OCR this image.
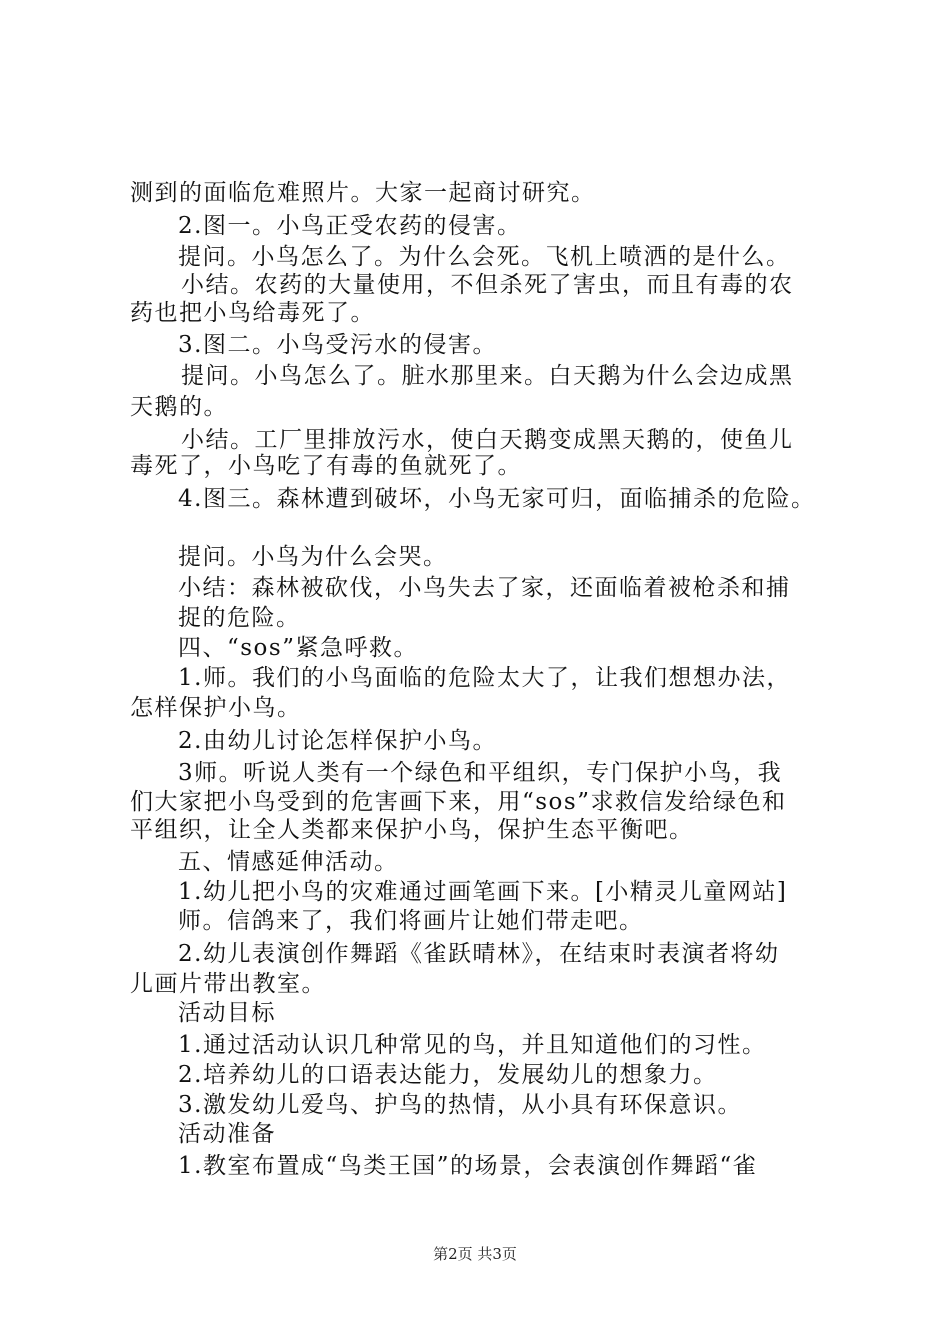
测到的面临危难照片。大家一起商讨研究。
2.图一。小鸟正受农药的侵害。
提问。小鸟怎么了。为什么会死。飞机上喷洒的是什么。
小结。农药的大量使用，不但杀死了害虫，而且有毒的农
药也把小鸟给毒死了。
3.图二。小鸟受污水的侵害。
提问。小鸟怎么了。脏水那里来。白天鹅为什么会边成黑
天鹅的。
小结。工厂里排放污水，使白天鹅变成黑天鹅的，使鱼儿
毒死了，小鸟吃了有毒的鱼就死了。
4.图三。森林遭到破坏，小鸟无家可归，面临捕杀的危险。
提问。小鸟为什么会哭。
小结：森林被砍伐，小鸟失去了家，还面临着被枪杀和捕
捉的危险。
四、“sos”紧急呼救。
1.师。我们的小鸟面临的危险太大了，让我们想想办法，
怎样保护小鸟。
2.由幼儿讨论怎样保护小鸟。
3师。听说人类有一个绿色和平组织，专门保护小鸟，我
们大家把小鸟受到的危害画下来，用“sos”求救信发给绿色和
平组织，让全人类都来保护小鸟，保护生态平衡吧。
五、情感延伸活动。
1.幼儿把小鸟的灾难通过画笔画下来。[小精灵儿童网站]
师。信鸽来了，我们将画片让她们带走吧。
2.幼儿表演创作舞蹈《雀跃晴林》，在结束时表演者将幼
儿画片带出教室。
活动目标
1.通过活动认识几种常见的鸟，并且知道他们的习性。
2.培养幼儿的口语表达能力，发展幼儿的想象力。
3.激发幼儿爱鸟、护鸟的热情，从小具有环保意识。
活动准备
1.教室布置成“鸟类王国”的场景，会表演创作舞蹈“雀
第2页 共3页
